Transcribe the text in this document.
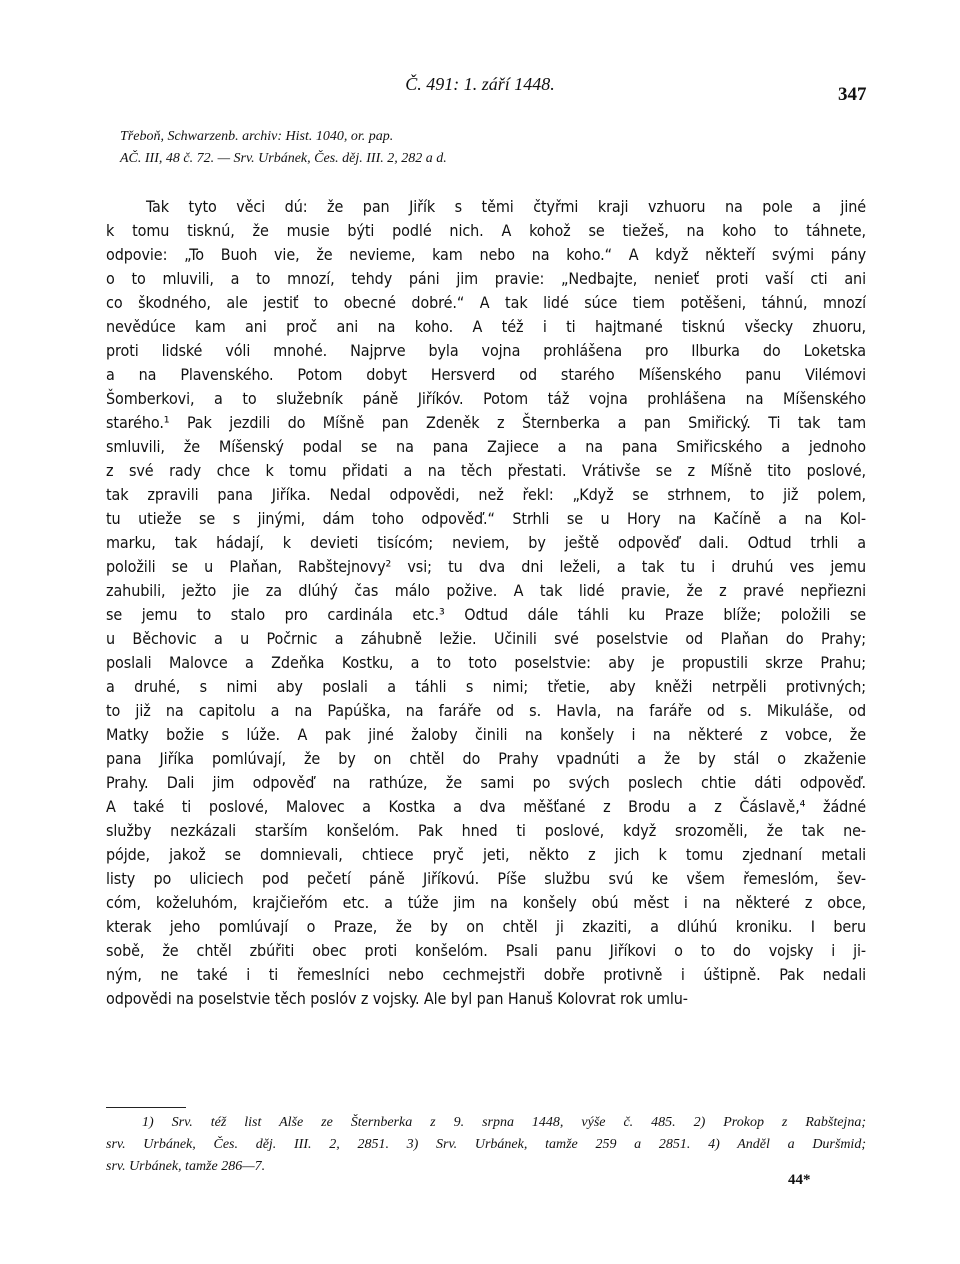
Č. 491: 1. září 1448.	347
Třeboň, Schwarzenb. archiv: Hist. 1040, or. pap.
AČ. III, 48 č. 72. — Srv. Urbánek, Čes. děj. III. 2, 282 a d.
Tak tyto věci dú: že pan Jiřík s těmi čtyřmi kraji vzhuoru na pole a jiné
k tomu tisknú, že musie býti podlé nich. A kohož se tiežeš, na koho to táhnete,
odpovie: „To Buoh vie, že nevieme, kam nebo na koho.“ A když někteří svými pány
o to mluvili, a to mnozí, tehdy páni jim pravie: „Nedbajte, nenieť proti vaší cti ani
co škodného, ale jestiť to obecné dobré.“ A tak lidé súce tiem potěšeni, táhnú, mnozí
nevědúce kam ani proč ani na koho. A též i ti hajtmané tisknú všecky zhuoru,
proti lidské vóli mnohé. Najprve byla vojna prohlášena pro Ilburka do Loketska
a na Plavenského. Potom dobyt Hersverd od starého Míšenského panu Vilémovi
Šomberkovi, a to služebník páně Jiříkóv. Potom táž vojna prohlášena na Míšenského
starého.¹ Pak jezdili do Míšně pan Zdeněk z Šternberka a pan Smiřický. Ti tak tam
smluvili, že Míšenský podal se na pana Zajiece a na pana Smiřicského a jednoho
z své rady chce k tomu přidati a na těch přestati. Vrátivše se z Míšně tito poslové,
tak zpravili pana Jiříka. Nedal odpovědi, než řekl: „Když se strhnem, to již polem,
tu utieže se s jinými, dám toho odpověď.“ Strhli se u Hory na Kačíně a na Kol-
marku, tak hádají, k devieti tisícóm; neviem, by ještě odpověď dali. Odtud trhli a
položili se u Plaňan, Rabštejnovy² vsi; tu dva dni leželi, a tak tu i druhú ves jemu
zahubili, ježto jie za dlúhý čas málo požive. A tak lidé pravie, že z pravé nepřiezni
se jemu to stalo pro cardinála etc.³ Odtud dále táhli ku Praze blíže; položili se
u Běchovic a u Počrnic a záhubně ležie. Učinili své poselstvie od Plaňan do Prahy;
poslali Malovce a Zdeňka Kostku, a to toto poselstvie: aby je propustili skrze Prahu;
a druhé, s nimi aby poslali a táhli s nimi; třetie, aby kněži netrpěli protivných;
to již na capitolu a na Papúška, na faráře od s. Havla, na faráře od s. Mikuláše, od
Matky božie s lúže. A pak jiné žaloby činili na konšely i na některé z vobce, že
pana Jiříka pomlúvají, že by on chtěl do Prahy vpadnúti a že by stál o zkaženie
Prahy. Dali jim odpověď na rathúze, že sami po svých poslech chtie dáti odpověď.
A také ti poslové, Malovec a Kostka a dva měšťané z Brodu a z Čáslavě,⁴ žádné
služby nezkázali starším konšelóm. Pak hned ti poslové, když srozoměli, že tak ne-
pójde, jakož se domnievali, chtiece pryč jeti, někto z jich k tomu zjednaní metali
listy po uliciech pod pečetí páně Jiříkovú. Píše službu svú ke všem řemeslóm, šev-
cóm, koželuhóm, krajčieřóm etc. a túže jim na konšely obú měst i na některé z obce,
kterak jeho pomlúvají o Praze, že by on chtěl ji zkaziti, a dlúhú kroniku. I beru
sobě, že chtěl zbúřiti obec proti konšelóm. Psali panu Jiříkovi o to do vojsky i ji-
ným, ne také i ti řemeslníci nebo cechmejstři dobře protivně i úštipně. Pak nedali
odpovědi na poselstvie těch poslóv z vojsky. Ale byl pan Hanuš Kolovrat rok umlu-
1) Srv. též list Alše ze Šternberka z 9. srpna 1448, výše č. 485. 2) Prokop z Rabštejna;
srv. Urbánek, Čes. děj. III. 2, 2851. 3) Srv. Urbánek, tamže 259 a 2851. 4) Anděl a Duršmid;
srv. Urbánek, tamže 286—7.
44*
